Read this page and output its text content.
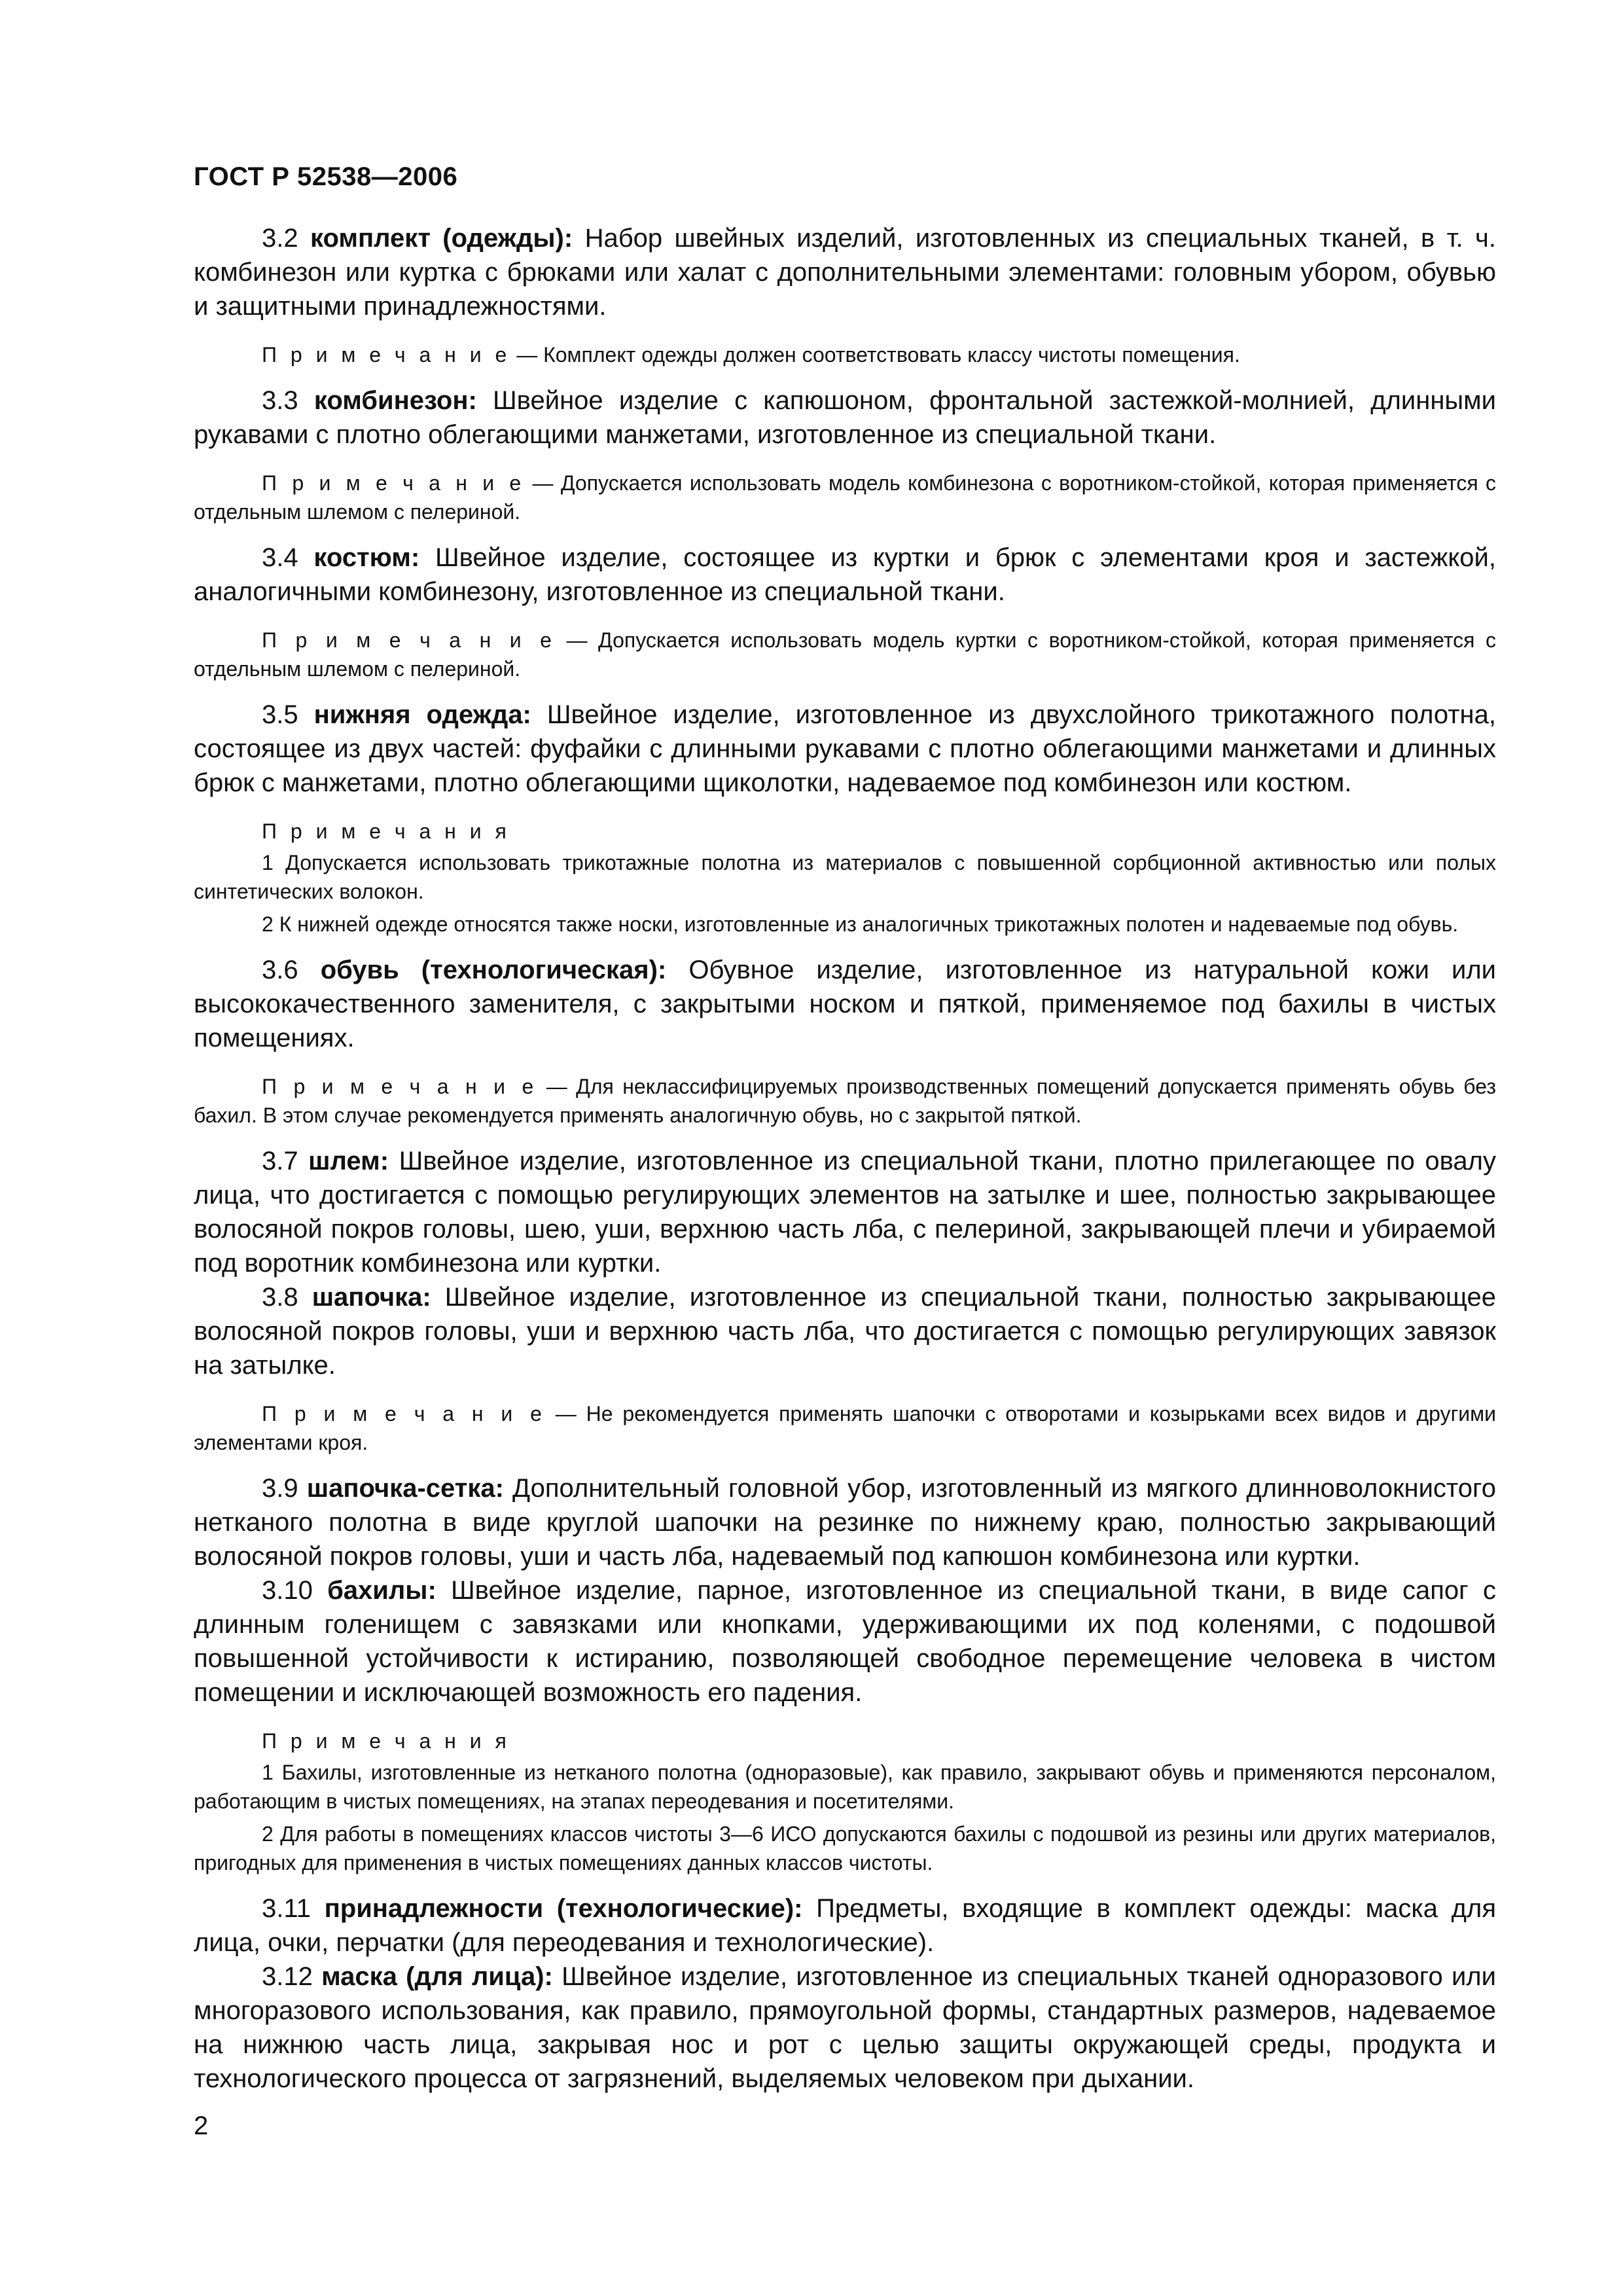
ГОСТ Р 52538—2006

3.2 комплект (одежды): Набор швейных изделий, изготовленных из специальных тканей, в т. ч. комбинезон или куртка с брюками или халат с дополнительными элементами: головным убором, обувью и защитными принадлежностями.

П р и м е ч а н и е — Комплект одежды должен соответствовать классу чистоты помещения.

3.3 комбинезон: Швейное изделие с капюшоном, фронтальной застежкой-молнией, длинными рукавами с плотно облегающими манжетами, изготовленное из специальной ткани.

П р и м е ч а н и е — Допускается использовать модель комбинезона с воротником-стойкой, которая применяется с отдельным шлемом с пелериной.

3.4 костюм: Швейное изделие, состоящее из куртки и брюк с элементами кроя и застежкой, аналогичными комбинезону, изготовленное из специальной ткани.

П р и м е ч а н и е — Допускается использовать модель куртки с воротником-стойкой, которая применяется с отдельным шлемом с пелериной.

3.5 нижняя одежда: Швейное изделие, изготовленное из двухслойного трикотажного полотна, состоящее из двух частей: фуфайки с длинными рукавами с плотно облегающими манжетами и длинных брюк с манжетами, плотно облегающими щиколотки, надеваемое под комбинезон или костюм.

П р и м е ч а н и я

1 Допускается использовать трикотажные полотна из материалов с повышенной сорбционной активностью или полых синтетических волокон.

2 К нижней одежде относятся также носки, изготовленные из аналогичных трикотажных полотен и надеваемые под обувь.

3.6 обувь (технологическая): Обувное изделие, изготовленное из натуральной кожи или высококачественного заменителя, с закрытыми носком и пяткой, применяемое под бахилы в чистых помещениях.

П р и м е ч а н и е — Для неклассифицируемых производственных помещений допускается применять обувь без бахил. В этом случае рекомендуется применять аналогичную обувь, но с закрытой пяткой.

3.7 шлем: Швейное изделие, изготовленное из специальной ткани, плотно прилегающее по овалу лица, что достигается с помощью регулирующих элементов на затылке и шее, полностью закрывающее волосяной покров головы, шею, уши, верхнюю часть лба, с пелериной, закрывающей плечи и убираемой под воротник комбинезона или куртки.

3.8 шапочка: Швейное изделие, изготовленное из специальной ткани, полностью закрывающее волосяной покров головы, уши и верхнюю часть лба, что достигается с помощью регулирующих завязок на затылке.

П р и м е ч а н и е — Не рекомендуется применять шапочки с отворотами и козырьками всех видов и другими элементами кроя.

3.9 шапочка-сетка: Дополнительный головной убор, изготовленный из мягкого длинноволокнистого нетканого полотна в виде круглой шапочки на резинке по нижнему краю, полностью закрывающий волосяной покров головы, уши и часть лба, надеваемый под капюшон комбинезона или куртки.

3.10 бахилы: Швейное изделие, парное, изготовленное из специальной ткани, в виде сапог с длинным голенищем с завязками или кнопками, удерживающими их под коленями, с подошвой повышенной устойчивости к истиранию, позволяющей свободное перемещение человека в чистом помещении и исключающей возможность его падения.

П р и м е ч а н и я

1 Бахилы, изготовленные из нетканого полотна (одноразовые), как правило, закрывают обувь и применяются персоналом, работающим в чистых помещениях, на этапах переодевания и посетителями.

2 Для работы в помещениях классов чистоты 3—6 ИСО допускаются бахилы с подошвой из резины или других материалов, пригодных для применения в чистых помещениях данных классов чистоты.

3.11 принадлежности (технологические): Предметы, входящие в комплект одежды: маска для лица, очки, перчатки (для переодевания и технологические).

3.12 маска (для лица): Швейное изделие, изготовленное из специальных тканей одноразового или многоразового использования, как правило, прямоугольной формы, стандартных размеров, надеваемое на нижнюю часть лица, закрывая нос и рот с целью защиты окружающей среды, продукта и технологического процесса от загрязнений, выделяемых человеком при дыхании.

2
